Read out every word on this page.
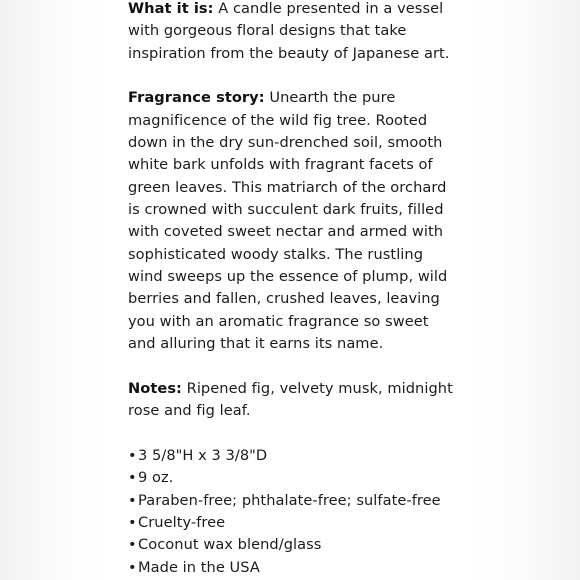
What it is: A candle presented in a vessel with gorgeous floral designs that take inspiration from the beauty of Japanese art.

Fragrance story: Unearth the pure magnificence of the wild fig tree. Rooted down in the dry sun-drenched soil, smooth white bark unfolds with fragrant facets of green leaves. This matriarch of the orchard is crowned with succulent dark fruits, filled with coveted sweet nectar and armed with sophisticated woody stalks. The rustling wind sweeps up the essence of plump, wild berries and fallen, crushed leaves, leaving you with an aromatic fragrance so sweet and alluring that it earns its name.

Notes: Ripened fig, velvety musk, midnight rose and fig leaf.

•3 5/8"H x 3 3/8"D
•9 oz.
•Paraben-free; phthalate-free; sulfate-free
•Cruelty-free
•Coconut wax blend/glass
•Made in the USA
